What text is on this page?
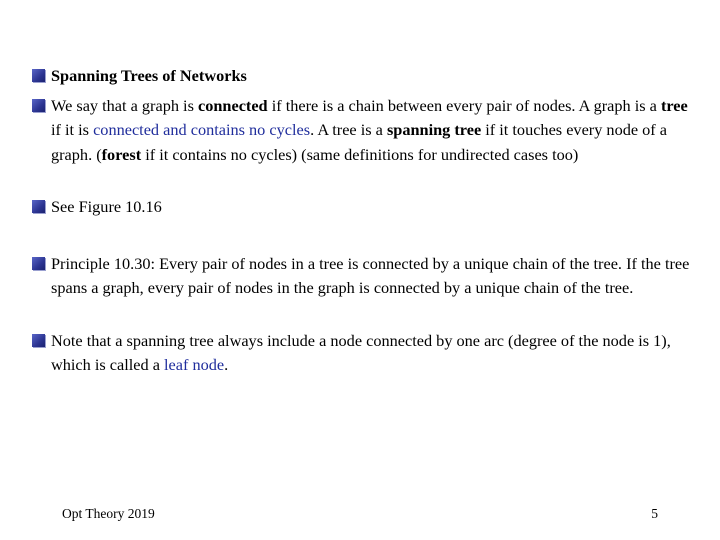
Spanning Trees of Networks
We say that a graph is connected if there is a chain between every pair of nodes. A graph is a tree if it is connected and contains no cycles. A tree is a spanning tree if it touches every node of a graph. (forest if it contains no cycles) (same definitions for undirected cases too)
See Figure 10.16
Principle 10.30: Every pair of nodes in a tree is connected by a unique chain of the tree. If the tree spans a graph, every pair of nodes in the graph is connected by a unique chain of the tree.
Note that a spanning tree always include a node connected by one arc (degree of the node is 1), which is called a leaf node.
Opt Theory 2019	5
